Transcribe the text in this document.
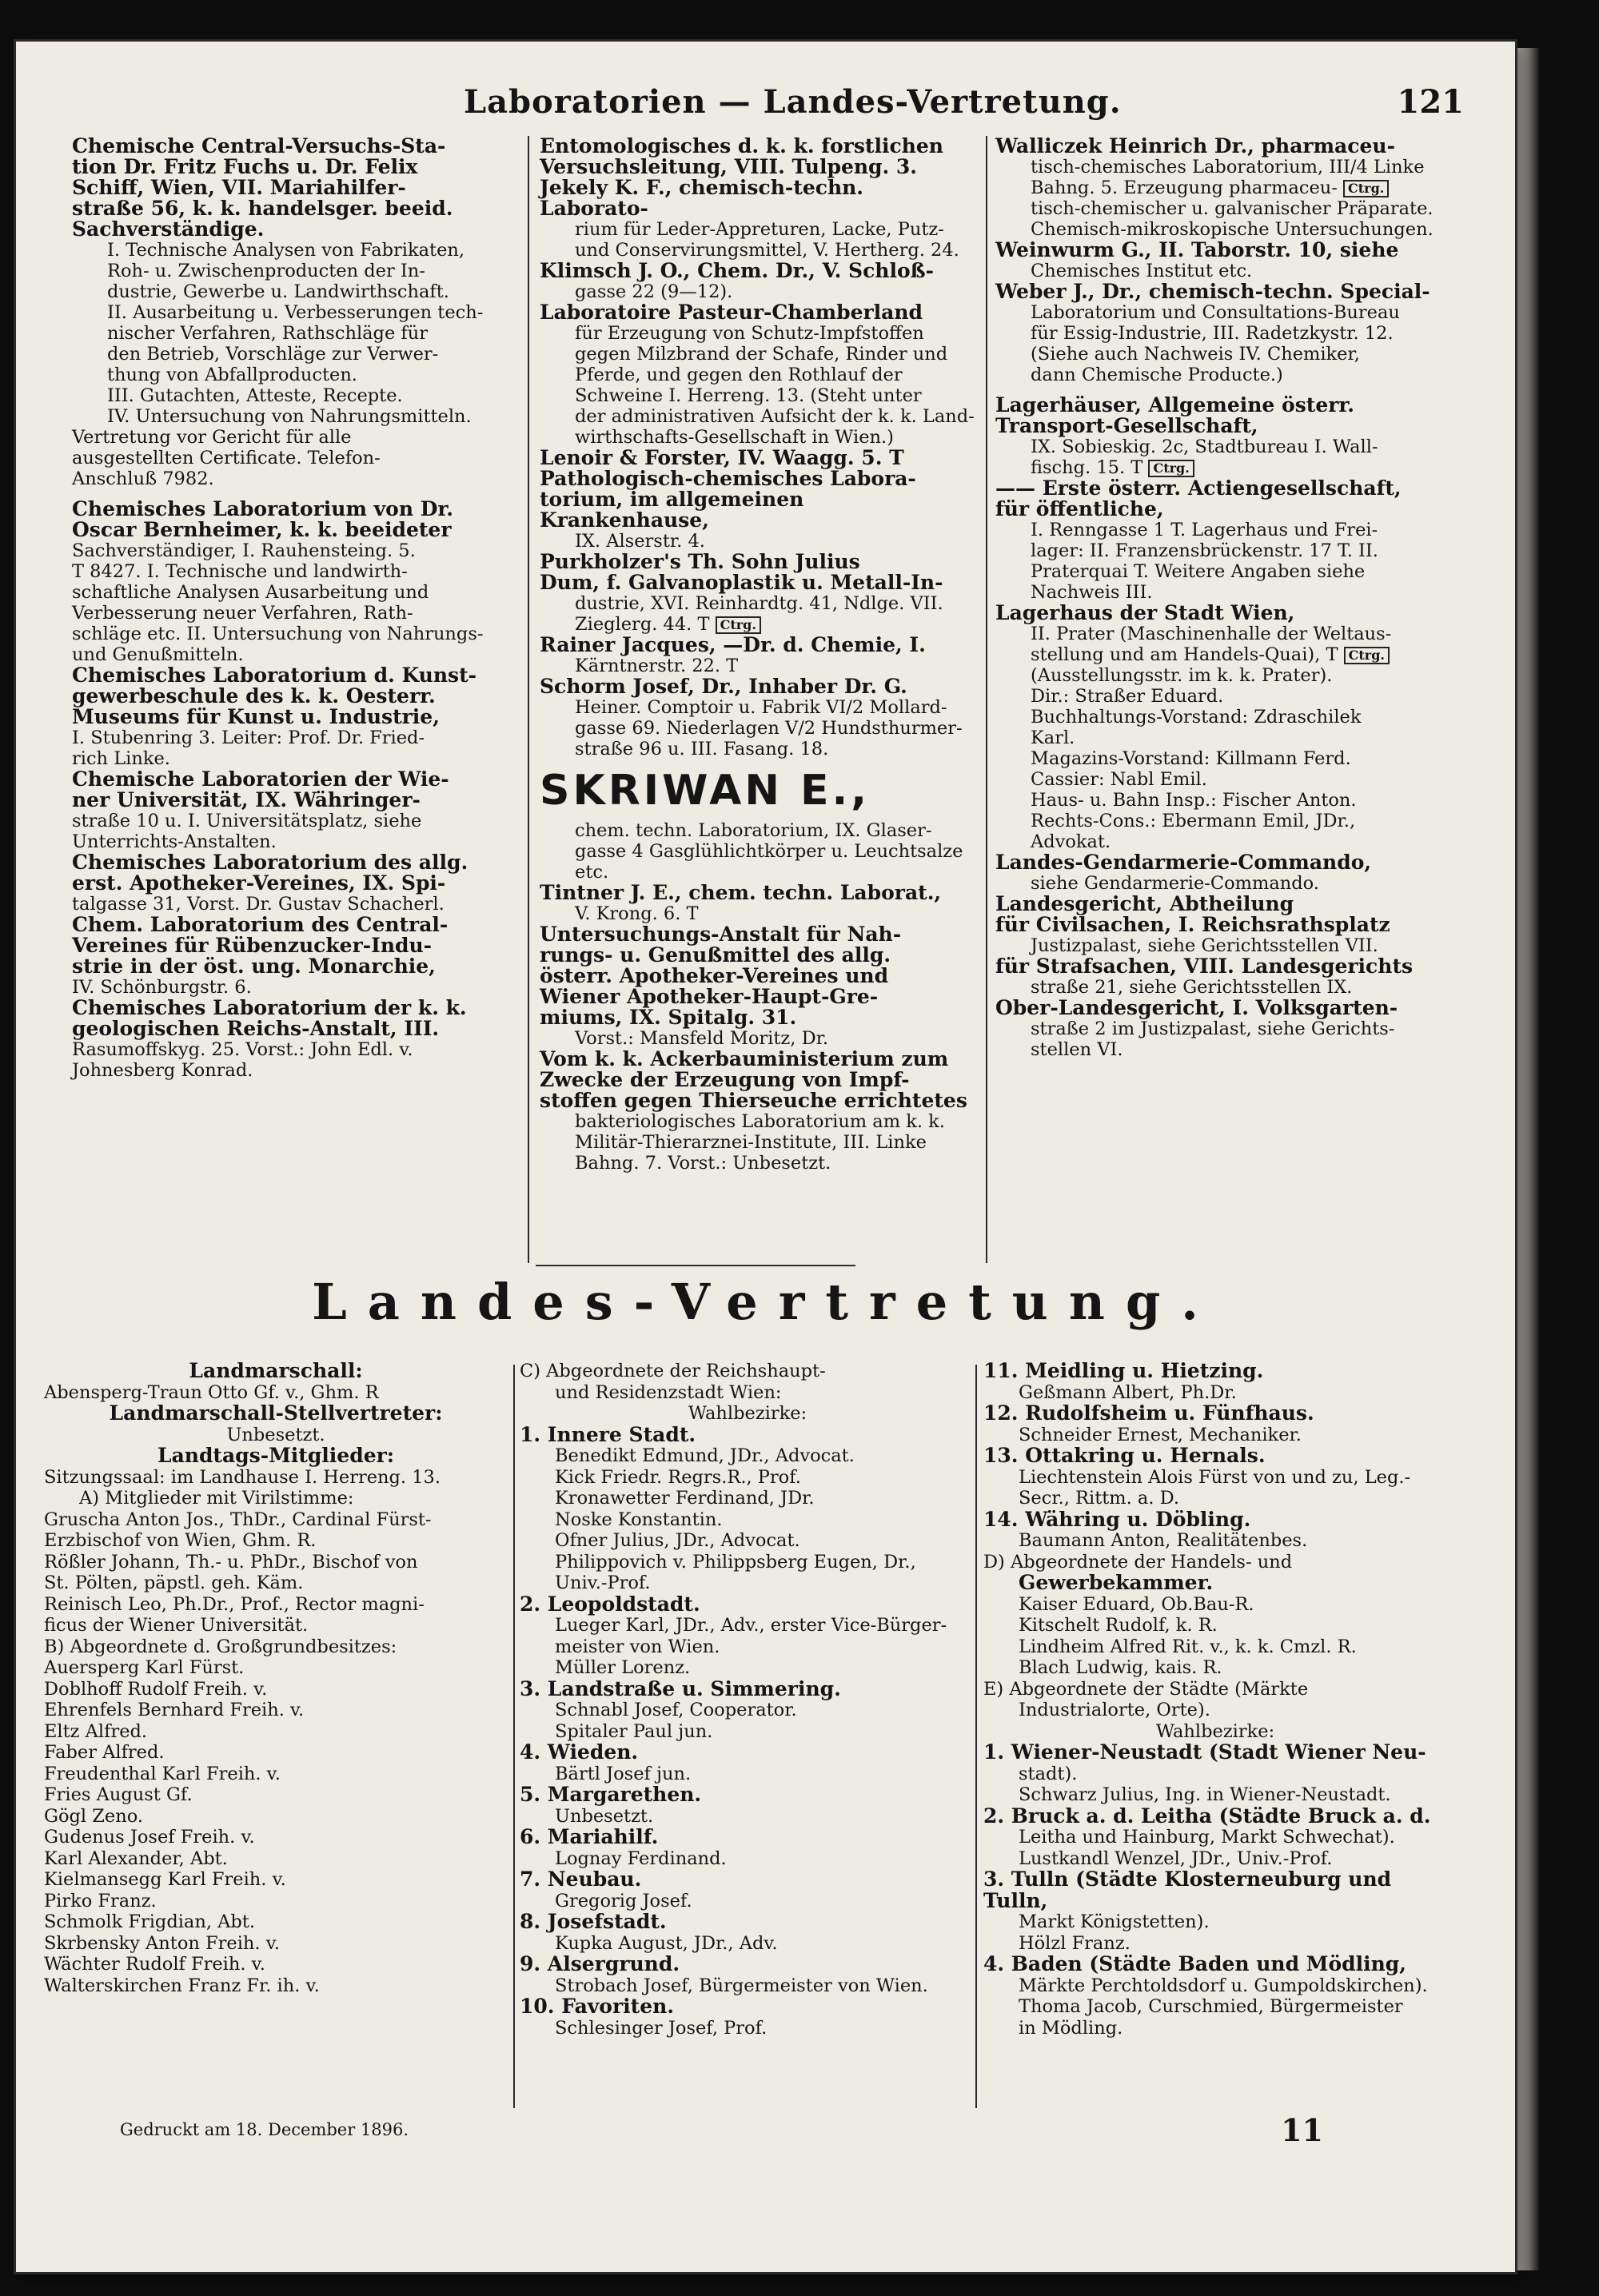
Laboratorien — Landes-Vertretung.	121

Chemische Central-Versuchs-Sta-

tion Dr. Fritz Fuchs u. Dr. Felix

Schiff, Wien, VII. Mariahilfer-

straße 56, k. k. handelsger. beeid.

Sachverständige.

I. Technische Analysen von Fabrikaten,

Roh- u. Zwischenproducten der In-

dustrie, Gewerbe u. Landwirthschaft.

II. Ausarbeitung u. Verbesserungen tech-

nischer Verfahren, Rathschläge für

den Betrieb, Vorschläge zur Verwer-

thung von Abfallproducten.

III. Gutachten, Atteste, Recepte.

IV. Untersuchung von Nahrungsmitteln.

Vertretung vor Gericht für alle

ausgestellten Certificate. Telefon-

Anschluß 7982.

Chemisches Laboratorium von Dr.

Oscar Bernheimer, k. k. beeideter

Sachverständiger, I. Rauhensteing. 5.

T 8427. I. Technische und landwirth-

schaftliche Analysen Ausarbeitung und

Verbesserung neuer Verfahren, Rath-

schläge etc. II. Untersuchung von Nahrungs-

und Genußmitteln.

Chemisches Laboratorium d. Kunst-

gewerbeschule des k. k. Oesterr.

Museums für Kunst u. Industrie,

I. Stubenring 3. Leiter: Prof. Dr. Fried-

rich Linke.

Chemische Laboratorien der Wie-

ner Universität, IX. Währinger-

straße 10 u. I. Universitätsplatz, siehe

Unterrichts-Anstalten.

Chemisches Laboratorium des allg.

erst. Apotheker-Vereines, IX. Spi-

talgasse 31, Vorst. Dr. Gustav Schacherl.

Chem. Laboratorium des Central-

Vereines für Rübenzucker-Indu-

strie in der öst. ung. Monarchie,

IV. Schönburgstr. 6.

Chemisches Laboratorium der k. k.

geologischen Reichs-Anstalt, III.

Rasumoffskyg. 25. Vorst.: John Edl. v.

Johnesberg Konrad.

Entomologisches d. k. k. forstlichen

Versuchsleitung, VIII. Tulpeng. 3.

Jekely K. F., chemisch-techn. Laborato-

rium für Leder-Appreturen, Lacke, Putz-

und Conservirungsmittel, V. Hertherg. 24.

Klimsch J. O., Chem. Dr., V. Schloß-

gasse 22 (9—12).

Laboratoire Pasteur-Chamberland

für Erzeugung von Schutz-Impfstoffen

gegen Milzbrand der Schafe, Rinder und

Pferde, und gegen den Rothlauf der

Schweine I. Herreng. 13. (Steht unter

der administrativen Aufsicht der k. k. Land-

wirthschafts-Gesellschaft in Wien.)

Lenoir & Forster, IV. Waagg. 5. T

Pathologisch-chemisches Labora-

torium, im allgemeinen Krankenhause,

IX. Alserstr. 4.

Purkholzer's Th. Sohn Julius

Dum, f. Galvanoplastik u. Metall-In-

dustrie, XVI. Reinhardtg. 41, Ndlge. VII.

Zieglerg. 44. T Ctrg.

Rainer Jacques, —Dr. d. Chemie, I.

Kärntnerstr. 22. T

Schorm Josef, Dr., Inhaber Dr. G.

Heiner. Comptoir u. Fabrik VI/2 Mollard-

gasse 69. Niederlagen V/2 Hundsthurmer-

straße 96 u. III. Fasang. 18.

SKRIWAN E.,

chem. techn. Laboratorium, IX. Glaser-

gasse 4 Gasglühlichtkörper u. Leuchtsalze etc.

Tintner J. E., chem. techn. Laborat.,

V. Krong. 6. T

Untersuchungs-Anstalt für Nah-

rungs- u. Genußmittel des allg.

österr. Apotheker-Vereines und

Wiener Apotheker-Haupt-Gre-

miums, IX. Spitalg. 31.

Vorst.: Mansfeld Moritz, Dr.

Vom k. k. Ackerbauministerium zum

Zwecke der Erzeugung von Impf-

stoffen gegen Thierseuche errichtetes

bakteriologisches Laboratorium am k. k.

Militär-Thierarznei-Institute, III. Linke

Bahng. 7. Vorst.: Unbesetzt.

Walliczek Heinrich Dr., pharmaceu-

tisch-chemisches Laboratorium, III/4 Linke

Bahng. 5. Erzeugung pharmaceu- Ctrg.

tisch-chemischer u. galvanischer Präparate.

Chemisch-mikroskopische Untersuchungen.

Weinwurm G., II. Taborstr. 10, siehe

Chemisches Institut etc.

Weber J., Dr., chemisch-techn. Special-

Laboratorium und Consultations-Bureau

für Essig-Industrie, III. Radetzkystr. 12.

(Siehe auch Nachweis IV. Chemiker,

dann Chemische Producte.)

Lagerhäuser, Allgemeine österr.

Transport-Gesellschaft,

IX. Sobieskig. 2c, Stadtbureau I. Wall-

fischg. 15. T Ctrg.

—— Erste österr. Actiengesellschaft,

für öffentliche,

I. Renngasse 1 T. Lagerhaus und Frei-

lager: II. Franzensbrückenstr. 17 T. II.

Praterquai T. Weitere Angaben siehe

Nachweis III.

Lagerhaus der Stadt Wien,

II. Prater (Maschinenhalle der Weltaus-

stellung und am Handels-Quai), T Ctrg.

(Ausstellungsstr. im k. k. Prater).

Dir.: Straßer Eduard.

Buchhaltungs-Vorstand: Zdraschilek

Karl.

Magazins-Vorstand: Killmann Ferd.

Cassier: Nabl Emil.

Haus- u. Bahn Insp.: Fischer Anton.

Rechts-Cons.: Ebermann Emil, JDr.,

Advokat.

Landes-Gendarmerie-Commando,

siehe Gendarmerie-Commando.

Landesgericht, Abtheilung

für Civilsachen, I. Reichsrathsplatz

Justizpalast, siehe Gerichtsstellen VII.

für Strafsachen, VIII. Landesgerichts

straße 21, siehe Gerichtsstellen IX.

Ober-Landesgericht, I. Volksgarten-

straße 2 im Justizpalast, siehe Gerichts-

stellen VI.

Landes-Vertretung.

Landmarschall:

Abensperg-Traun Otto Gf. v., Ghm. R

Landmarschall-Stellvertreter:

Unbesetzt.

Landtags-Mitglieder:

Sitzungssaal: im Landhause I. Herreng. 13.

A) Mitglieder mit Virilstimme:

Gruscha Anton Jos., ThDr., Cardinal Fürst-

Erzbischof von Wien, Ghm. R.

Rößler Johann, Th.- u. PhDr., Bischof von

St. Pölten, päpstl. geh. Käm.

Reinisch Leo, Ph.Dr., Prof., Rector magni-

ficus der Wiener Universität.

B) Abgeordnete d. Großgrundbesitzes:

Auersperg Karl Fürst.

Doblhoff Rudolf Freih. v.

Ehrenfels Bernhard Freih. v.

Eltz Alfred.

Faber Alfred.

Freudenthal Karl Freih. v.

Fries August Gf.

Gögl Zeno.

Gudenus Josef Freih. v.

Karl Alexander, Abt.

Kielmansegg Karl Freih. v.

Pirko Franz.

Schmolk Frigdian, Abt.

Skrbensky Anton Freih. v.

Wächter Rudolf Freih. v.

Walterskirchen Franz Fr. ih. v.

C) Abgeordnete der Reichshaupt-

und Residenzstadt Wien:

Wahlbezirke:

1. Innere Stadt.

Benedikt Edmund, JDr., Advocat.

Kick Friedr. Regrs.R., Prof.

Kronawetter Ferdinand, JDr.

Noske Konstantin.

Ofner Julius, JDr., Advocat.

Philippovich v. Philippsberg Eugen, Dr.,

Univ.-Prof.

2. Leopoldstadt.

Lueger Karl, JDr., Adv., erster Vice-Bürger-

meister von Wien.

Müller Lorenz.

3. Landstraße u. Simmering.

Schnabl Josef, Cooperator.

Spitaler Paul jun.

4. Wieden.

Bärtl Josef jun.

5. Margarethen.

Unbesetzt.

6. Mariahilf.

Lognay Ferdinand.

7. Neubau.

Gregorig Josef.

8. Josefstadt.

Kupka August, JDr., Adv.

9. Alsergrund.

Strobach Josef, Bürgermeister von Wien.

10. Favoriten.

Schlesinger Josef, Prof.

11. Meidling u. Hietzing.

Geßmann Albert, Ph.Dr.

12. Rudolfsheim u. Fünfhaus.

Schneider Ernest, Mechaniker.

13. Ottakring u. Hernals.

Liechtenstein Alois Fürst von und zu, Leg.-

Secr., Rittm. a. D.

14. Währing u. Döbling.

Baumann Anton, Realitätenbes.

D) Abgeordnete der Handels- und

Gewerbekammer.

Kaiser Eduard, Ob.Bau-R.

Kitschelt Rudolf, k. R.

Lindheim Alfred Rit. v., k. k. Cmzl. R.

Blach Ludwig, kais. R.

E) Abgeordnete der Städte (Märkte

Industrialorte, Orte).

Wahlbezirke:

1. Wiener-Neustadt (Stadt Wiener Neu-

stadt).

Schwarz Julius, Ing. in Wiener-Neustadt.

2. Bruck a. d. Leitha (Städte Bruck a. d.

Leitha und Hainburg, Markt Schwechat).

Lustkandl Wenzel, JDr., Univ.-Prof.

3. Tulln (Städte Klosterneuburg und Tulln,

Markt Königstetten).

Hölzl Franz.

4. Baden (Städte Baden und Mödling,

Märkte Perchtoldsdorf u. Gumpoldskirchen).

Thoma Jacob, Curschmied, Bürgermeister

in Mödling.

Gedruckt am 18. December 1896.	11
